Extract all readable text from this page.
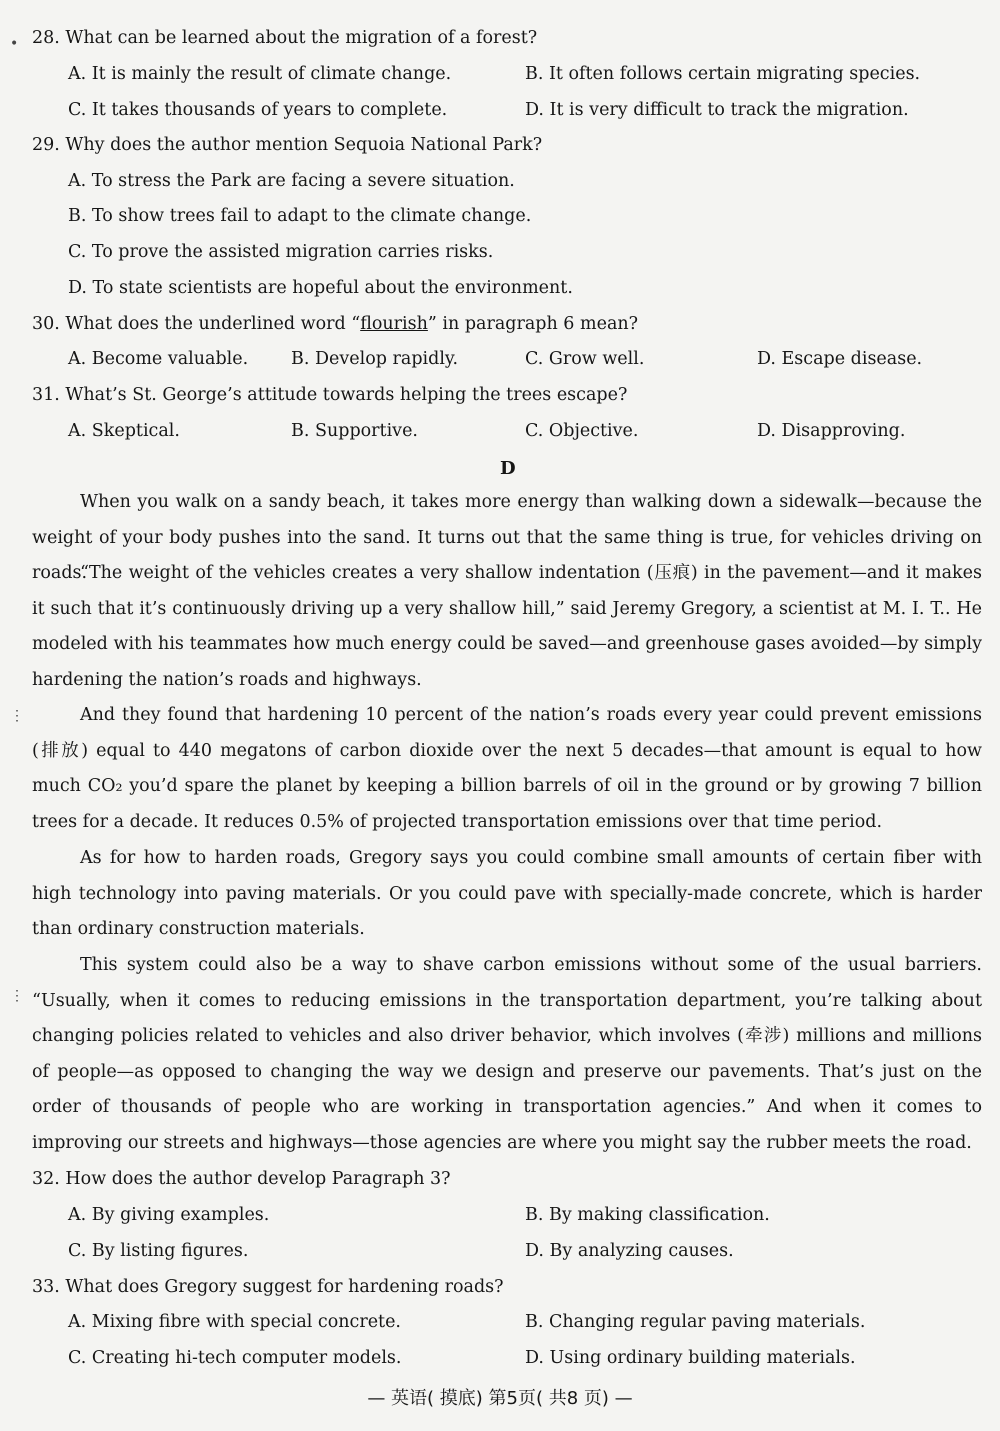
•
⋮
⋮
28. What can be learned about the migration of a forest?
A. It is mainly the result of climate change.	B. It often follows certain migrating species.
C. It takes thousands of years to complete.	D. It is very difficult to track the migration.
29. Why does the author mention Sequoia National Park?
A. To stress the Park are facing a severe situation.
B. To show trees fail to adapt to the climate change.
C. To prove the assisted migration carries risks.
D. To state scientists are hopeful about the environment.
30. What does the underlined word “flourish” in paragraph 6 mean?
A. Become valuable. B. Develop rapidly.	C. Grow well.	D. Escape disease.
31. What’s St. George’s attitude towards helping the trees escape?
A. Skeptical.	B. Supportive.	C. Objective.	D. Disapproving.
D
When you walk on a sandy beach, it takes more energy than walking down a sidewalk—because the weight of your body pushes into the sand. It turns out that the same thing is true, for vehicles driving on roads.
“The weight of the vehicles creates a very shallow indentation (压痕) in the pavement—and it makes it such that it’s continuously driving up a very shallow hill,” said Jeremy Gregory, a scientist at M. I. T.. He modeled with his teammates how much energy could be saved—and greenhouse gases avoided—by simply hardening the nation’s roads and highways.
And they found that hardening 10 percent of the nation’s roads every year could prevent emissions (排放) equal to 440 megatons of carbon dioxide over the next 5 decades—that amount is equal to how much CO₂ you’d spare the planet by keeping a billion barrels of oil in the ground or by growing 7 billion trees for a decade. It reduces 0.5% of projected transportation emissions over that time period.
As for how to harden roads, Gregory says you could combine small amounts of certain fiber with high technology into paving materials. Or you could pave with specially-made concrete, which is harder than ordinary construction materials.
This system could also be a way to shave carbon emissions without some of the usual barriers. “Usually, when it comes to reducing emissions in the transportation department, you’re talking about changing policies related to vehicles and also driver behavior, which involves (牵涉) millions and millions of people—as opposed to changing the way we design and preserve our pavements. That’s just on the order of thousands of people who are working in transportation agencies.” And when it comes to improving our streets and highways—those agencies are where you might say the rubber meets the road.
32. How does the author develop Paragraph 3?
A. By giving examples.	B. By making classification.
C. By listing figures.	D. By analyzing causes.
33. What does Gregory suggest for hardening roads?
A. Mixing fibre with special concrete.	B. Changing regular paving materials.
C. Creating hi-tech computer models.	D. Using ordinary building materials.
— 英语( 摸底) 第5页( 共8 页) —
